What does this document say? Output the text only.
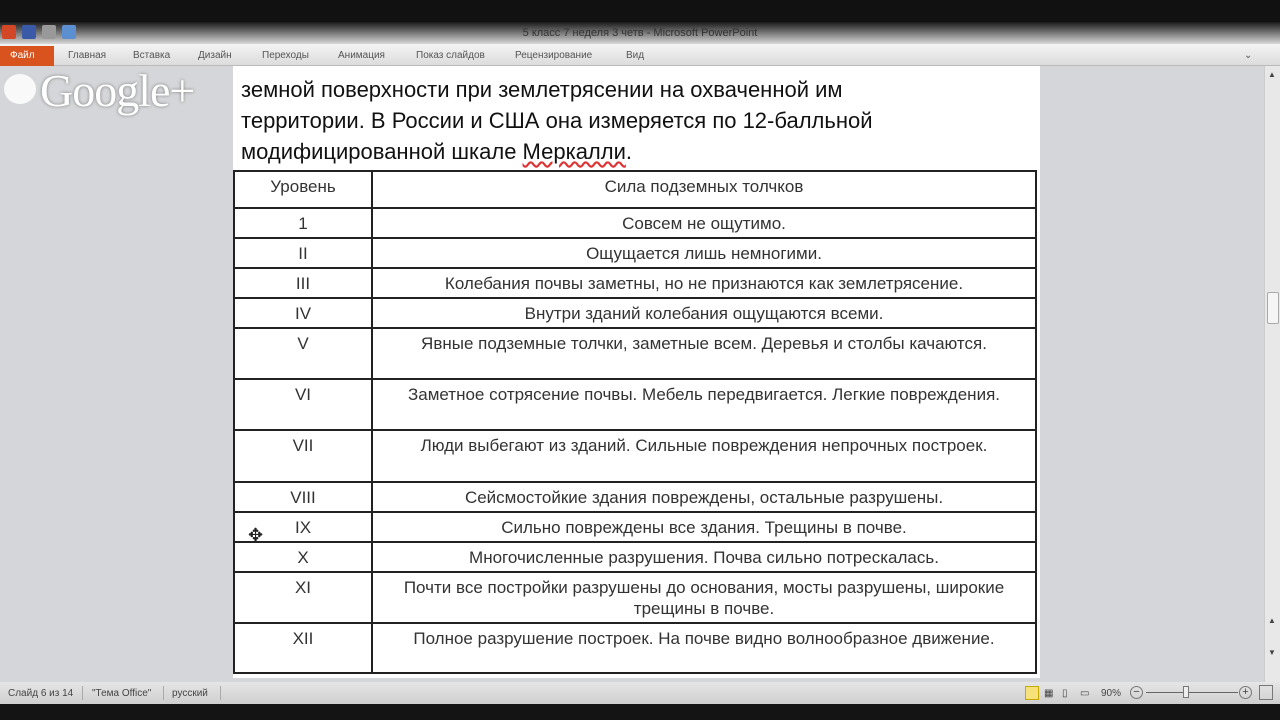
5 класс 7 неделя 3 четв - Microsoft PowerPoint
Файл	Главная	Вставка	Дизайн	Переходы	Анимация	Показ слайдов	Рецензирование	Вид	⌄
Google+ земной поверхности при землетрясении на охваченной им
территории. В России и США она измеряется по 12-балльной
модифицированной шкале Меркалли.
Уровень	Сила подземных толчков
1	Совсем не ощутимо.
II	Ощущается лишь немногими.
III	Колебания почвы заметны, но не признаются как землетрясение.
IV	Внутри зданий колебания ощущаются всеми.
V	Явные подземные толчки, заметные всем. Деревья и столбы качаются.
VI	Заметное сотрясение почвы. Мебель передвигается. Легкие повреждения.
VII	Люди выбегают из зданий. Сильные повреждения непрочных построек.
VIII	Сейсмостойкие здания повреждены, остальные разрушены.
IX	Сильно повреждены все здания. Трещины в почве.
X	Многочисленные разрушения. Почва сильно потрескалась.
XI	Почти все постройки разрушены до основания, мосты разрушены, широкие трещины в почве.
XII	Полное разрушение построек. На почве видно волнообразное движение.
✥
▲
▲
▼
Слайд 6 из 14 "Тема Office" русский	▦ ▯ ▭ 90% −	+
